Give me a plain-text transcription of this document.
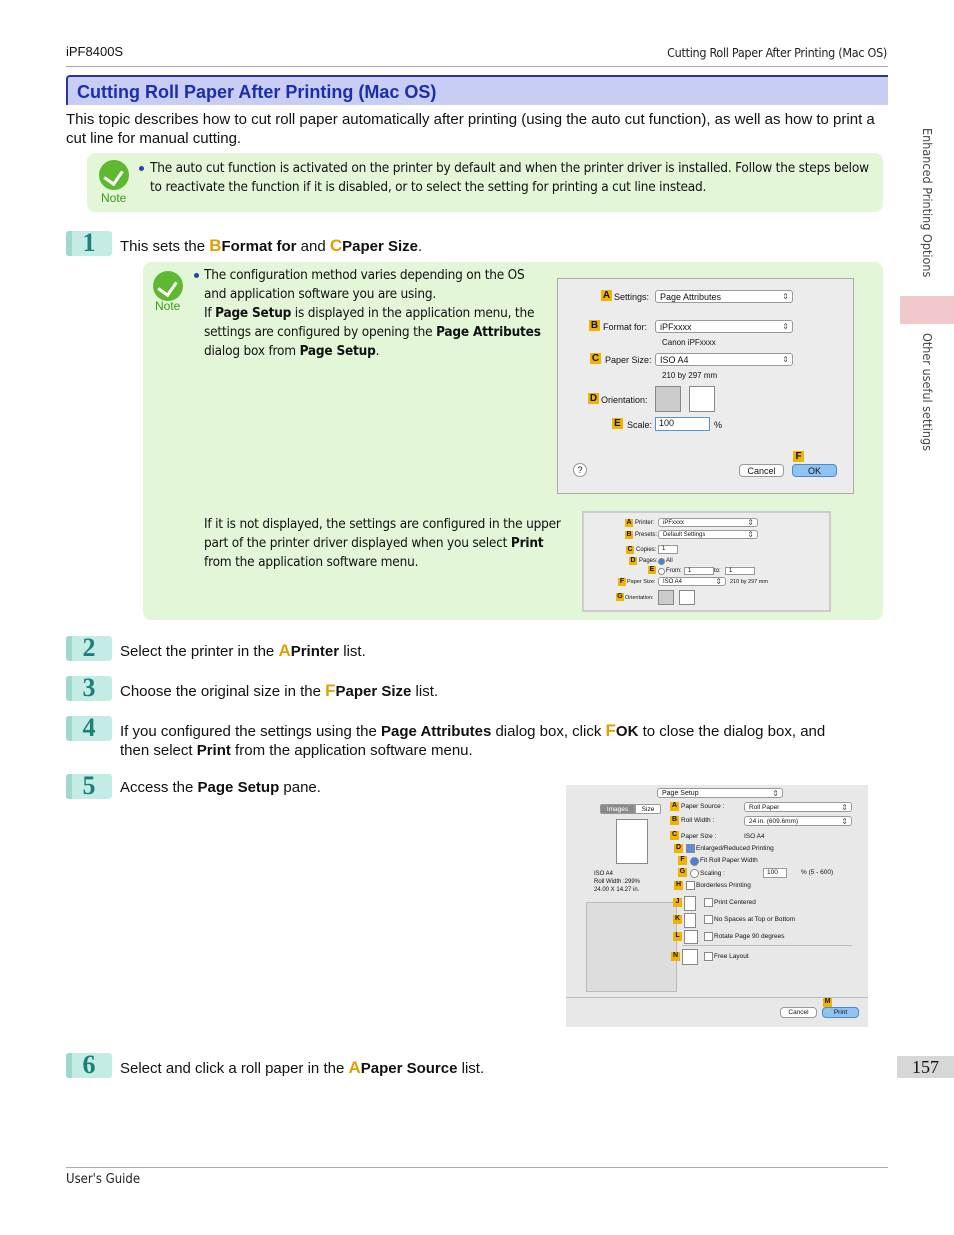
iPF8400S	Cutting Roll Paper After Printing (Mac OS)
Cutting Roll Paper After Printing (Mac OS)
This topic describes how to cut roll paper automatically after printing (using the auto cut function), as well as how to print a cut line for manual cutting.
Note
The auto cut function is activated on the printer by default and when the printer driver is installed. Follow the steps below to reactivate the function if it is disabled, or to select the setting for printing a cut line instead.
1	This sets the BFormat for and CPaper Size.
Note
The configuration method varies depending on the OS and application software you are using.
If Page Setup is displayed in the application menu, the settings are configured by opening the Page Attributes dialog box from Page Setup.
If it is not displayed, the settings are configured in the upper part of the printer driver displayed when you select Print from the application software menu.
A Settings:	Page Attributes ⇕
B Format for:	iPFxxxx ⇕
Canon iPFxxxx
C Paper Size: ISO A4 ⇕
210 by 297 mm
D Orientation:
E Scale: 100	%
F
?	Cancel	OK
A Printer:	iPFxxxx ⇕
B Presets: Default Settings ⇕
C Copies: 1
D Pages: All
E From:	1	to:	1
F Paper Size:	ISO A4 ⇕	210 by 297 mm
G Orientation:
2	Select the printer in the APrinter list.
3	Choose the original size in the FPaper Size list.
4	If you configured the settings using the Page Attributes dialog box, click FOK to close the dialog box, and
then select Print from the application software menu.
5	Access the Page Setup pane.	Page Setup ⇕
Images	Size
ISO A4
Roll Width :299%
24.00 X 14.27 in.
A Paper Source :	Roll Paper ⇕
B Roll Width :	24 in. (609.6mm) ⇕
C Paper Size :	ISO A4
D	Enlarged/Reduced Printing
F	Fit Roll Paper Width
G Scaling :	100	% (5 - 600)
H	Borderless Printing
J	Print Centered
K	No Spaces at Top or Bottom
L	Rotate Page 90 degrees
N	Free Layout
M
Cancel	Print
6	Select and click a roll paper in the APaper Source list.
Enhanced Printing Options
Other useful settings
157
User's Guide
